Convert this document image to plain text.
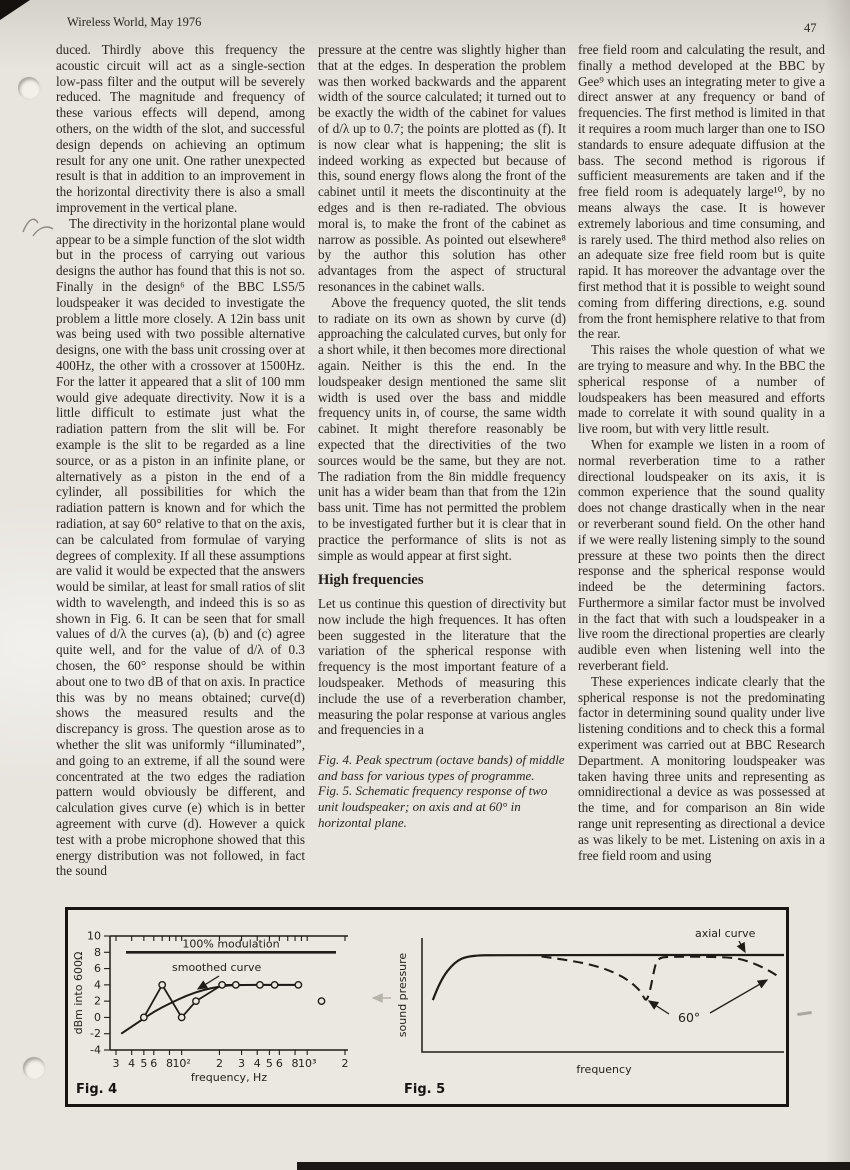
Wireless World, May 1976	47

duced. Thirdly above this frequency the acoustic circuit will act as a single-section low-pass filter and the output will be severely reduced. The magnitude and frequency of these various effects will depend, among others, on the width of the slot, and successful design depends on achieving an optimum result for any one unit. One rather unexpected result is that in addition to an improvement in the horizontal directivity there is also a small improvement in the vertical plane.

The directivity in the horizontal plane would appear to be a simple function of the slot width but in the process of carrying out various designs the author has found that this is not so. Finally in the design⁶ of the BBC LS5/5 loudspeaker it was decided to investigate the problem a little more closely. A 12in bass unit was being used with two possible alternative designs, one with the bass unit crossing over at 400Hz, the other with a crossover at 1500Hz. For the latter it appeared that a slit of 100 mm would give adequate directivity. Now it is a little difficult to estimate just what the radiation pattern from the slit will be. For example is the slit to be regarded as a line source, or as a piston in an infinite plane, or alternatively as a piston in the end of a cylinder, all possibilities for which the radiation pattern is known and for which the radiation, at say 60° relative to that on the axis, can be calculated from formulae of varying degrees of complexity. If all these assumptions are valid it would be expected that the answers would be similar, at least for small ratios of slit width to wavelength, and indeed this is so as shown in Fig. 6. It can be seen that for small values of d/λ the curves (a), (b) and (c) agree quite well, and for the value of d/λ of 0.3 chosen, the 60° response should be within about one to two dB of that on axis. In practice this was by no means obtained; curve(d) shows the measured results and the discrepancy is gross. The question arose as to whether the slit was uniformly “illuminated”, and going to an extreme, if all the sound were concentrated at the two edges the radiation pattern would obviously be different, and calculation gives curve (e) which is in better agreement with curve (d). However a quick test with a probe microphone showed that this energy distribution was not followed, in fact the sound

pressure at the centre was slightly higher than that at the edges. In desperation the problem was then worked backwards and the apparent width of the source calculated; it turned out to be exactly the width of the cabinet for values of d/λ up to 0.7; the points are plotted as (f). It is now clear what is happening; the slit is indeed working as expected but because of this, sound energy flows along the front of the cabinet until it meets the discontinuity at the edges and is then re-radiated. The obvious moral is, to make the front of the cabinet as narrow as possible. As pointed out elsewhere⁸ by the author this solution has other advantages from the aspect of structural resonances in the cabinet walls.

Above the frequency quoted, the slit tends to radiate on its own as shown by curve (d) approaching the calculated curves, but only for a short while, it then becomes more directional again. Neither is this the end. In the loudspeaker design mentioned the same slit width is used over the bass and middle frequency units in, of course, the same width cabinet. It might therefore reasonably be expected that the directivities of the two sources would be the same, but they are not. The radiation from the 8in middle frequency unit has a wider beam than that from the 12in bass unit. Time has not permitted the problem to be investigated further but it is clear that in practice the performance of slits is not as simple as would appear at first sight.

High frequencies

Let us continue this question of directivity but now include the high frequences. It has often been suggested in the literature that the variation of the spherical response with frequency is the most important feature of a loudspeaker. Methods of measuring this include the use of a reverberation chamber, measuring the polar response at various angles and frequencies in a

Fig. 4. Peak spectrum (octave bands) of middle and bass for various types of programme.

Fig. 5. Schematic frequency response of two unit loudspeaker; on axis and at 60° in horizontal plane.

free field room and calculating the result, and finally a method developed at the BBC by Gee⁹ which uses an integrating meter to give a direct answer at any frequency or band of frequencies. The first method is limited in that it requires a room much larger than one to ISO standards to ensure adequate diffusion at the bass. The second method is rigorous if sufficient measurements are taken and if the free field room is adequately large¹⁰, by no means always the case. It is however extremely laborious and time consuming, and is rarely used. The third method also relies on an adequate size free field room but is quite rapid. It has moreover the advantage over the first method that it is possible to weight sound coming from differing directions, e.g. sound from the front hemisphere relative to that from the rear.

This raises the whole question of what we are trying to measure and why. In the BBC the spherical response of a number of loudspeakers has been measured and efforts made to correlate it with sound quality in a live room, but with very little result.

When for example we listen in a room of normal reverberation time to a rather directional loudspeaker on its axis, it is common experience that the sound quality does not change drastically when in the near or reverberant sound field. On the other hand if we were really listening simply to the sound pressure at these two points then the direct response and the spherical response would indeed be the determining factors. Furthermore a similar factor must be involved in the fact that with such a loudspeaker in a live room the directional properties are clearly audible even when listening well into the reverberant field.

These experiences indicate clearly that the spherical response is not the predominating factor in determining sound quality under live listening conditions and to check this a formal experiment was carried out at BBC Research Department. A monitoring loudspeaker was taken having three units and representing as omnidirectional a device as was possessed at the time, and for comparison an 8in wide range unit representing as directional a device as was likely to be met. Listening on axis in a free field room and using

3 4 5 6 8 10² 2 3 4 5 6 8 10³ 2
10
8
6
4
2
0
-2
-4
100% modulation
smoothed curve
frequency, Hz
dBm into 600Ω
Fig. 4
axial curve
60°
frequency
sound pressure
Fig. 5
